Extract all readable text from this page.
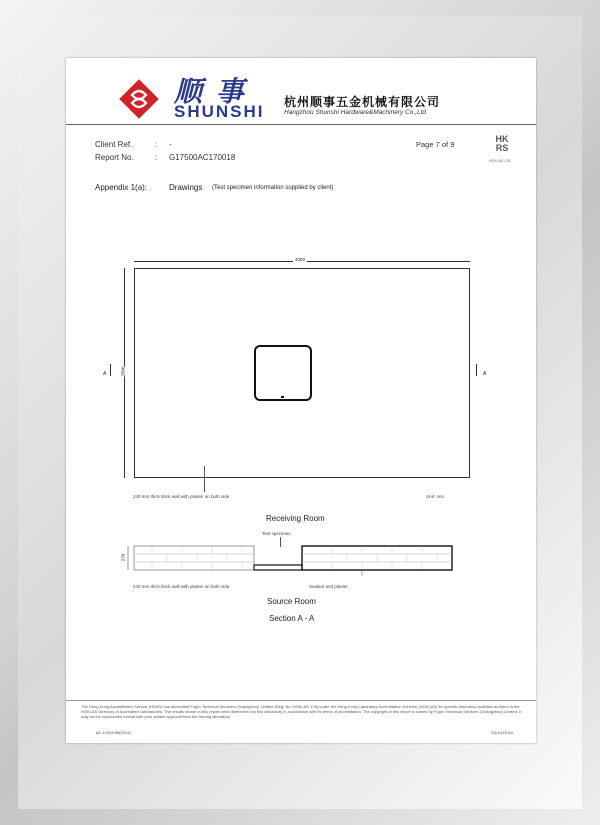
顺 事
SHUNSHI 杭州顺事五金机械有限公司
Hangzhou Shunshi Hardware&Machinery Co.,Ltd
Client Ref.	: -
Report No.	: G17500AC170018
Page 7 of 9
HK RS
HOKLAS 178
Appendix 1(a):	Drawings (Test specimen information supplied by client)
4000
2500
A	A
240 mm thick brick wall with plaster on both side	Unit: mm
Receiving Room
Test specimen
270
240 mm thick brick wall with plaster on both side	Sealant and plaster
Source Room
Section A - A
The Hong Kong Accreditation Service (HKAS) has accredited Fugro Technical Services (Guangzhou) Limited (Reg. No. HOKLAS 178) under the Hong Kong Laboratory Accreditation Scheme (HOKLAS) for specific laboratory activities as listed in the HOKLAS Directory of Accredited Laboratories. The results shown in this report were determined by this laboratory in accordance with its terms of accreditation. The copyright of this report is owned by Fugro Technical Services (Guangzhou) Limited. It may not be reproduced except with prior written approval from the issuing laboratory.
AC-H-001/05(2014)	GZ/1411010
